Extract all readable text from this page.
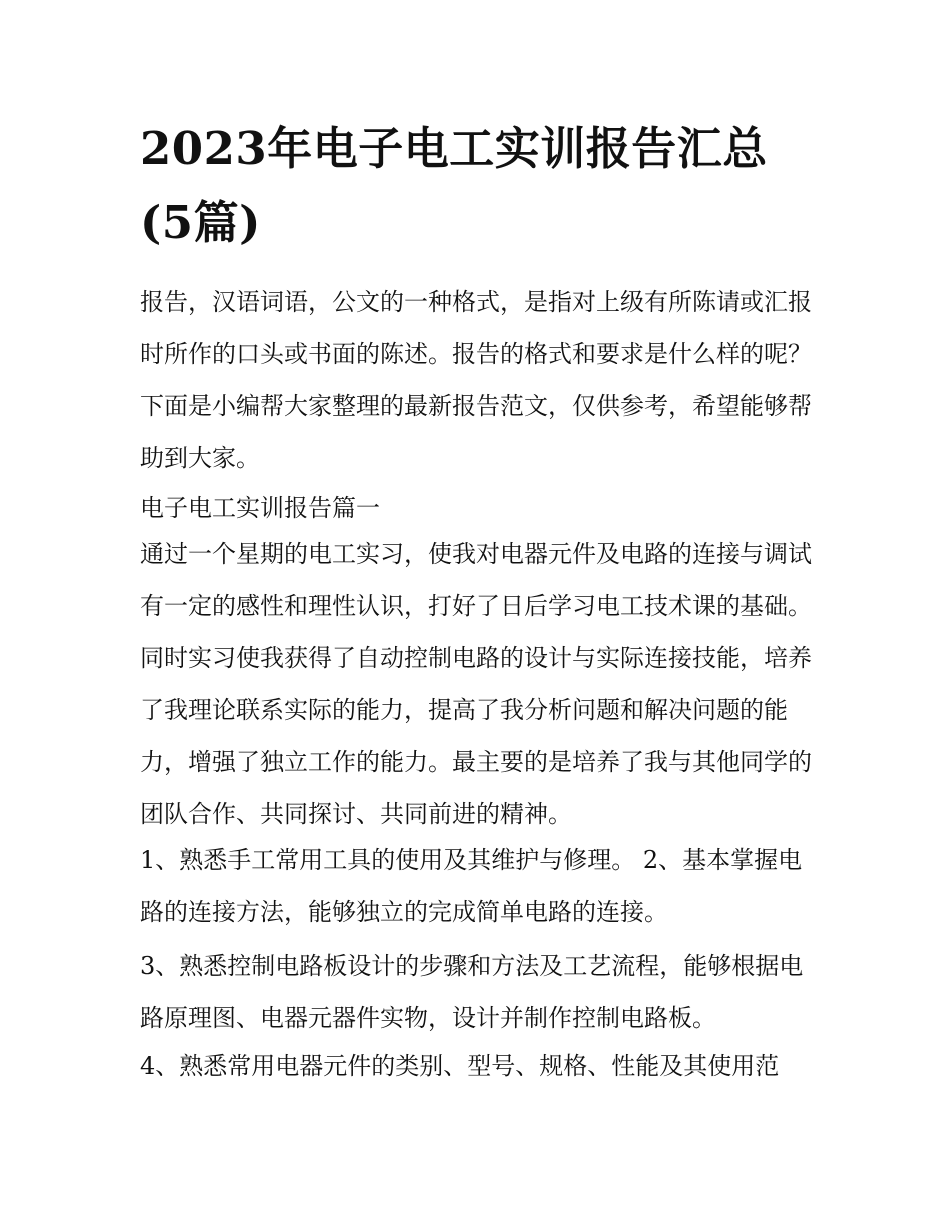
2023年电子电工实训报告汇总(5篇)

报告，汉语词语，公文的一种格式，是指对上级有所陈请或汇报时所作的口头或书面的陈述。报告的格式和要求是什么样的呢？下面是小编帮大家整理的最新报告范文，仅供参考，希望能够帮助到大家。

电子电工实训报告篇一

通过一个星期的电工实习，使我对电器元件及电路的连接与调试有一定的感性和理性认识，打好了日后学习电工技术课的基础。同时实习使我获得了自动控制电路的设计与实际连接技能，培养了我理论联系实际的能力，提高了我分析问题和解决问题的能力，增强了独立工作的能力。最主要的是培养了我与其他同学的团队合作、共同探讨、共同前进的精神。

1、熟悉手工常用工具的使用及其维护与修理。 2、基本掌握电路的连接方法，能够独立的完成简单电路的连接。

3、熟悉控制电路板设计的步骤和方法及工艺流程，能够根据电路原理图、电器元器件实物，设计并制作控制电路板。

4、熟悉常用电器元件的类别、型号、规格、性能及其使用范
